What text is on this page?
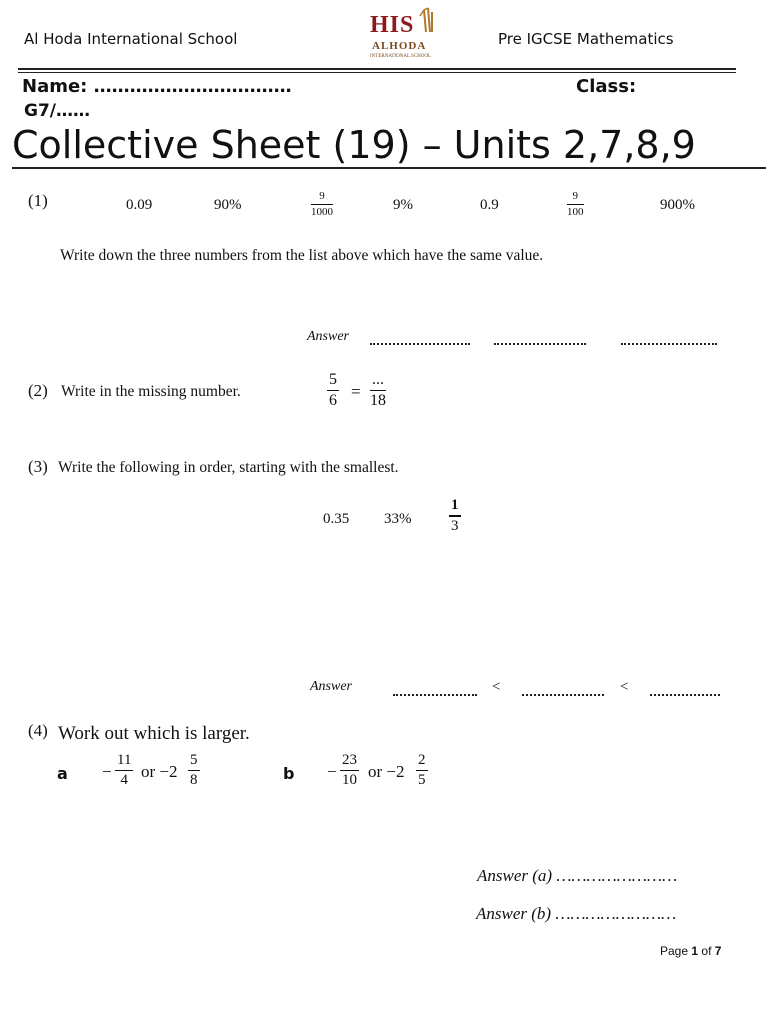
Al Hoda International School
HIS
ALHODA
INTERNATIONAL SCHOOL
Pre IGCSE Mathematics
Name: ……………………………	Class:
G7/……
Collective Sheet (19) – Units 2,7,8,9
(1)	0.09	90%
9
1000	9%	0.9
9
100	900%
Write down the three numbers from the list above which have the same value.
Answer
(2) Write in the missing number.
5
6 =
...
18
(3) Write the following in order, starting with the smallest.
0.35 33%
1
3
Answer	<	<
(4) Work out which is larger.
a −
11
4 or −2
5
8	b −
23
10 or −2
2
5
Answer (a) ……………………
Answer (b) ……………………
Page 1 of 7
